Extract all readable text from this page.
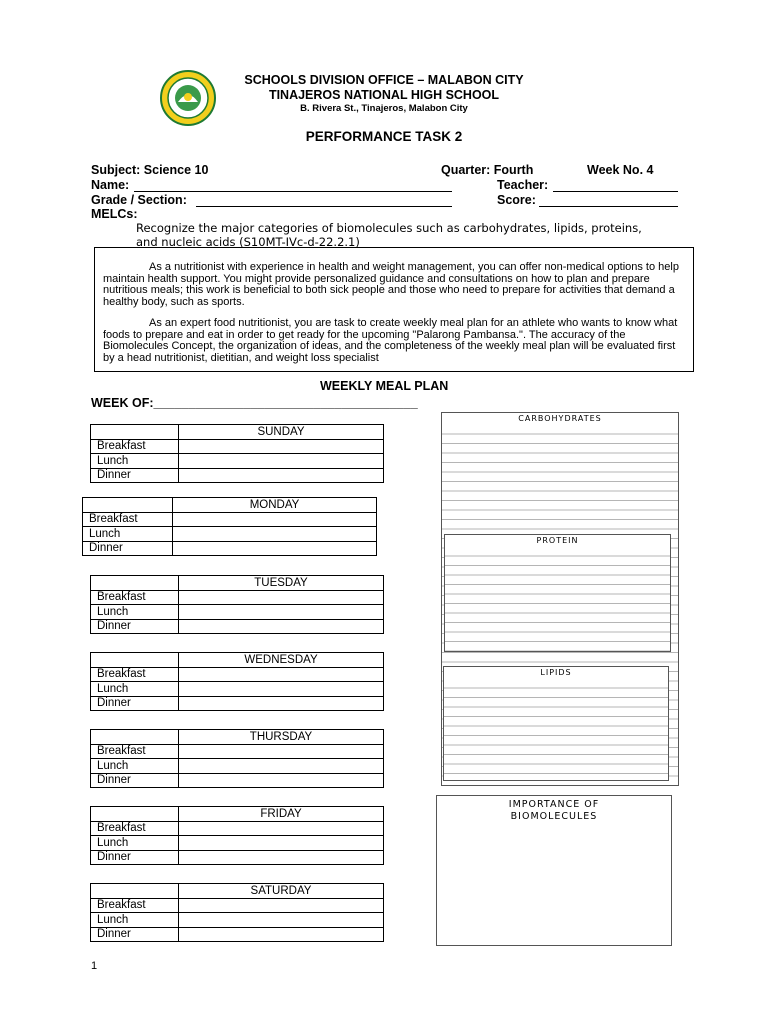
SCHOOLS DIVISION OFFICE – MALABON CITY
TINAJEROS NATIONAL HIGH SCHOOL
B. Rivera St., Tinajeros, Malabon City
PERFORMANCE TASK 2
Subject: Science 10	Quarter: Fourth	Week No. 4
Name:	Teacher:
Grade / Section:	Score:
MELCs:
Recognize the major categories of biomolecules such as carbohydrates, lipids, proteins, and nucleic acids (S10MT-IVc-d-22.2.1)

As a nutritionist with experience in health and weight management, you can offer non-medical options to help maintain health support. You might provide personalized guidance and consultations on how to plan and prepare nutritious meals; this work is beneficial to both sick people and those who need to prepare for activities that demand a healthy body, such as sports.

As an expert food nutritionist, you are task to create weekly meal plan for an athlete who wants to know what foods to prepare and eat in order to get ready for the upcoming "Palarong Pambansa.". The accuracy of the Biomolecules Concept, the organization of ideas, and the completeness of the weekly meal plan will be evaluated first by a head nutritionist, dietitian, and weight loss specialist

WEEKLY MEAL PLAN
WEEK OF:______________________________________
	SUNDAY
Breakfast	
Lunch	
Dinner	
	MONDAY
Breakfast	
Lunch	
Dinner	
	TUESDAY
Breakfast	
Lunch	
Dinner	
	WEDNESDAY
Breakfast	
Lunch	
Dinner	
	THURSDAY
Breakfast	
Lunch	
Dinner	
	FRIDAY
Breakfast	
Lunch	
Dinner	
	SATURDAY
Breakfast	
Lunch	
Dinner	
CARBOHYDRATES
PROTEIN
LIPIDS
IMPORTANCE OF BIOMOLECULES
1
